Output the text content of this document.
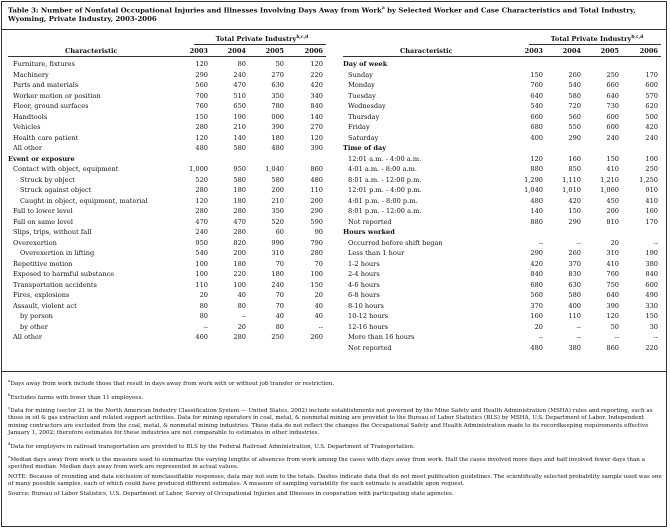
Table 3: Number of Nonfatal Occupational Injuries and Illnesses Involving Days Away from Work$^a$ by Selected Worker and Case Characteristics and Total Industry, Wyoming, Private Industry, 2003-2006
Total Private Industry$^{b,c,d}$
Characteristic	2003	2004	2005	2006
Furniture, fixtures	120	80	50	120
Machinery	290	240	270	220
Parts and materials	560	470	630	420
Worker motion or position	700	510	350	340
Floor, ground surfaces	760	650	780	840
Handtools	150	190	000	140
Vehicles	280	210	390	270
Health care patient	120	140	180	120
All other	480	580	480	390
Event or exposure
Contact with object, equipment	1,000	950	1,040	860
Struck by object	520	580	580	480
Struck against object	280	180	200	110
Caught in object, equipment, material	120	180	210	200
Fall to lower level	280	280	350	290
Fall on same level	470	470	520	590
Slips, trips, without fall	240	280	60	90
Overexertion	950	820	990	790
Overexertion in lifting	540	200	310	280
Repetitive motion	100	180	70	70
Exposed to harmful substance	100	220	180	100
Transportation accidents	110	100	240	150
Fires, explosions	20	40	70	20
Assault, violent act	80	80	70	40
by person	80	--	40	40
by other	--	20	80	--
All other	460	280	250	260
Total Private Industry$^{b,c,d}$
Characteristic	2003	2004	2005	2006
Day of week
Sunday	150	260	250	170
Monday	760	540	660	600
Tuesday	640	580	640	570
Wednesday	540	720	730	620
Thursday	660	560	600	500
Friday	680	550	600	420
Saturday	400	290	240	240
Time of day
12:01 a.m. - 4:00 a.m.	120	160	150	100
4:01 a.m. - 8:00 a.m.	880	850	410	250
8:01 a.m. - 12:00 p.m.	1,290	1,110	1,210	1,250
12:01 p.m. - 4:00 p.m.	1,040	1,010	1,060	910
4:01 p.m. - 8:00 p.m.	480	420	450	410
8:01 p.m. - 12:00 a.m.	140	150	200	160
Not reported	880	290	810	170
Hours worked
Occurred before shift began	--	--	20	--
Less than 1 hour	290	260	310	190
1-2 hours	420	370	410	380
2-4 hours	840	830	760	840
4-6 hours	680	630	750	600
6-8 hours	560	580	640	490
8-10 hours	370	400	390	330
10-12 hours	160	110	120	150
12-16 hours	20	--	50	30
More than 16 hours	--	--	--	--
Not reported	480	380	860	220

$^a$Days away from work include those that result in days away from work with or without job transfer or restriction.

$^b$Excludes farms with fewer than 11 employees.

$^c$Data for mining (sector 21 in the North American Industry Classification System — United States, 2002) include establishments not governed by the Mine Safety and Health Administration (MSHA) rules and reporting, such as those in oil & gas extraction and related support activities. Data for mining operators in coal, metal, & nonmetal mining are provided to the Bureau of Labor Statistics (BLS) by MSHA, U.S. Department of Labor. Independent mining contractors are excluded from the coal, metal, & nonmetal mining industries. These data do not reflect the changes the Occupational Safety and Health Administration made to its recordkeeping requirements effective January 1, 2002; therefore estimates for these industries are not comparable to estimates in other industries.

$^d$Data for employers in railroad transportation are provided to BLS by the Federal Railroad Administration, U.S. Department of Transportation.

$^e$Median days away from work is the measure used to summarize the varying lengths of absences from work among the cases with days away from work. Half the cases involved more days and half involved fewer days than a specified median. Median days away from work are represented in actual values.

NOTE: Because of rounding and data exclusion of nonclassifiable responses, data may not sum to the totals. Dashes indicate data that do not meet publication guidelines. The scientifically selected probability sample used was one of many possible samples, each of which could have produced different estimates. A measure of sampling variability for each estimate is available upon request.

Source: Bureau of Labor Statistics, U.S. Department of Labor, Survey of Occupational Injuries and Illnesses in cooperation with participating state agencies.
